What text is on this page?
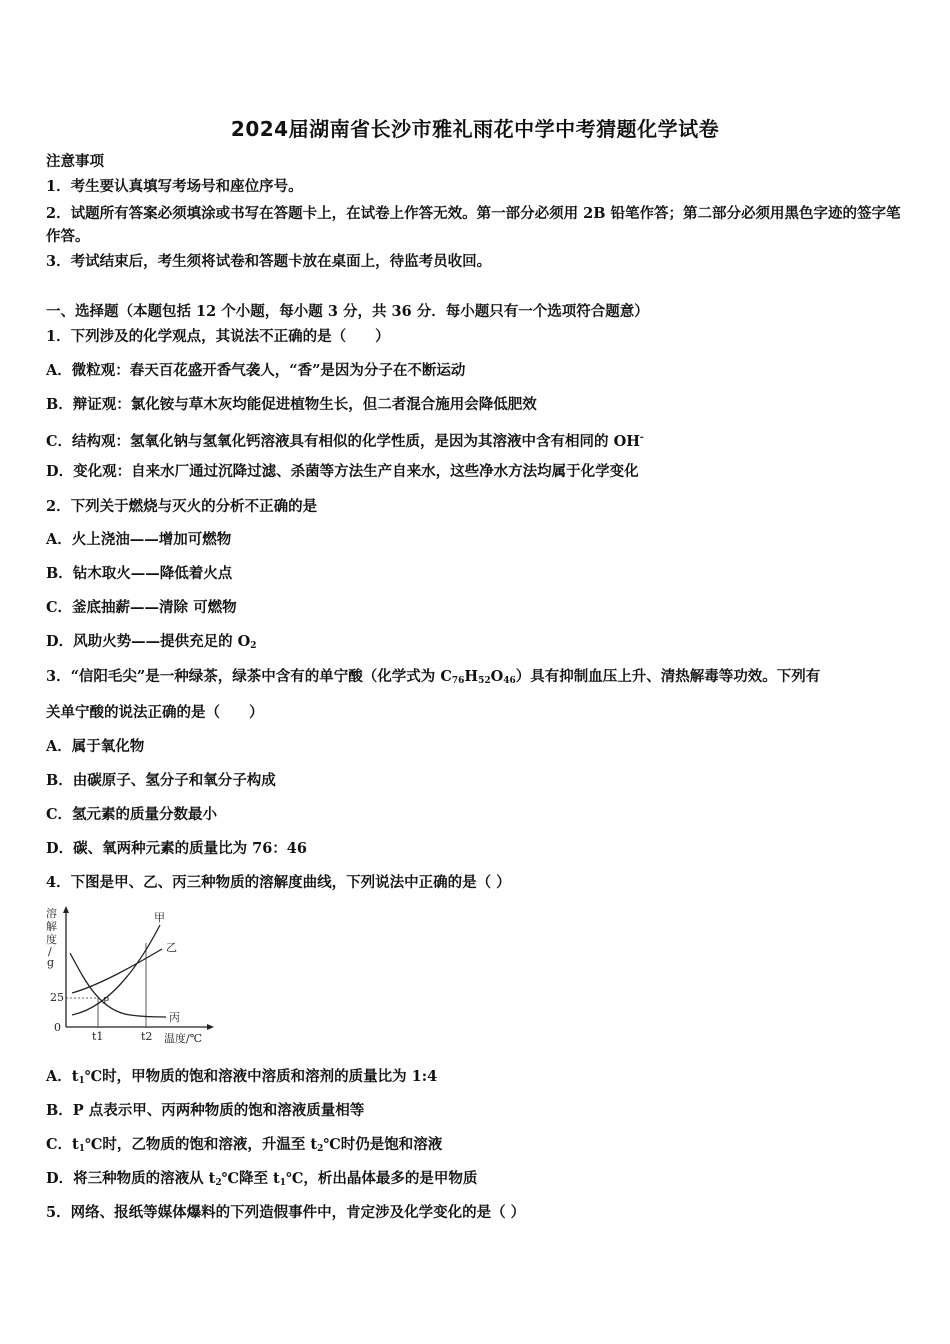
2024届湖南省长沙市雅礼雨花中学中考猜题化学试卷
注意事项
1．考生要认真填写考场号和座位序号。
2．试题所有答案必须填涂或书写在答题卡上，在试卷上作答无效。第一部分必须用 2B 铅笔作答；第二部分必须用黑色字迹的签字笔作答。
3．考试结束后，考生须将试卷和答题卡放在桌面上，待监考员收回。
一、选择题（本题包括 12 个小题，每小题 3 分，共 36 分．每小题只有一个选项符合题意）
1．下列涉及的化学观点，其说法不正确的是（　　）
A．微粒观：春天百花盛开香气袭人，“香”是因为分子在不断运动
B．辩证观：氯化铵与草木灰均能促进植物生长，但二者混合施用会降低肥效
C．结构观：氢氧化钠与氢氧化钙溶液具有相似的化学性质，是因为其溶液中含有相同的 OH-
D．变化观：自来水厂通过沉降过滤、杀菌等方法生产自来水，这些净水方法均属于化学变化
2．下列关于燃烧与灭火的分析不正确的是
A．火上浇油——增加可燃物
B．钻木取火——降低着火点
C．釜底抽薪——清除 可燃物
D．风助火势——提供充足的 $O_2$
3．“信阳毛尖”是一种绿茶，绿茶中含有的单宁酸（化学式为 $C_{76}H_{52}O_{46}$）具有抑制血压上升、清热解毒等功效。下列有
关单宁酸的说法正确的是（　　）
A．属于氧化物
B．由碳原子、氢分子和氧分子构成
C．氢元素的质量分数最小
D．碳、氧两种元素的质量比为 76：46
4．下图是甲、乙、丙三种物质的溶解度曲线，下列说法中正确的是（ ）
溶
解
度
/
g
25
0
t1	t2 温度/℃
甲
乙
丙
P
A．$t_1℃$时，甲物质的饱和溶液中溶质和溶剂的质量比为 1:4
B．P 点表示甲、丙两种物质的饱和溶液质量相等
C．$t_1℃$时，乙物质的饱和溶液，升温至 $t_2℃$时仍是饱和溶液
D．将三种物质的溶液从 $t_2℃$降至 $t_1℃$，析出晶体最多的是甲物质
5．网络、报纸等媒体爆料的下列造假事件中，肯定涉及化学变化的是（ ）
